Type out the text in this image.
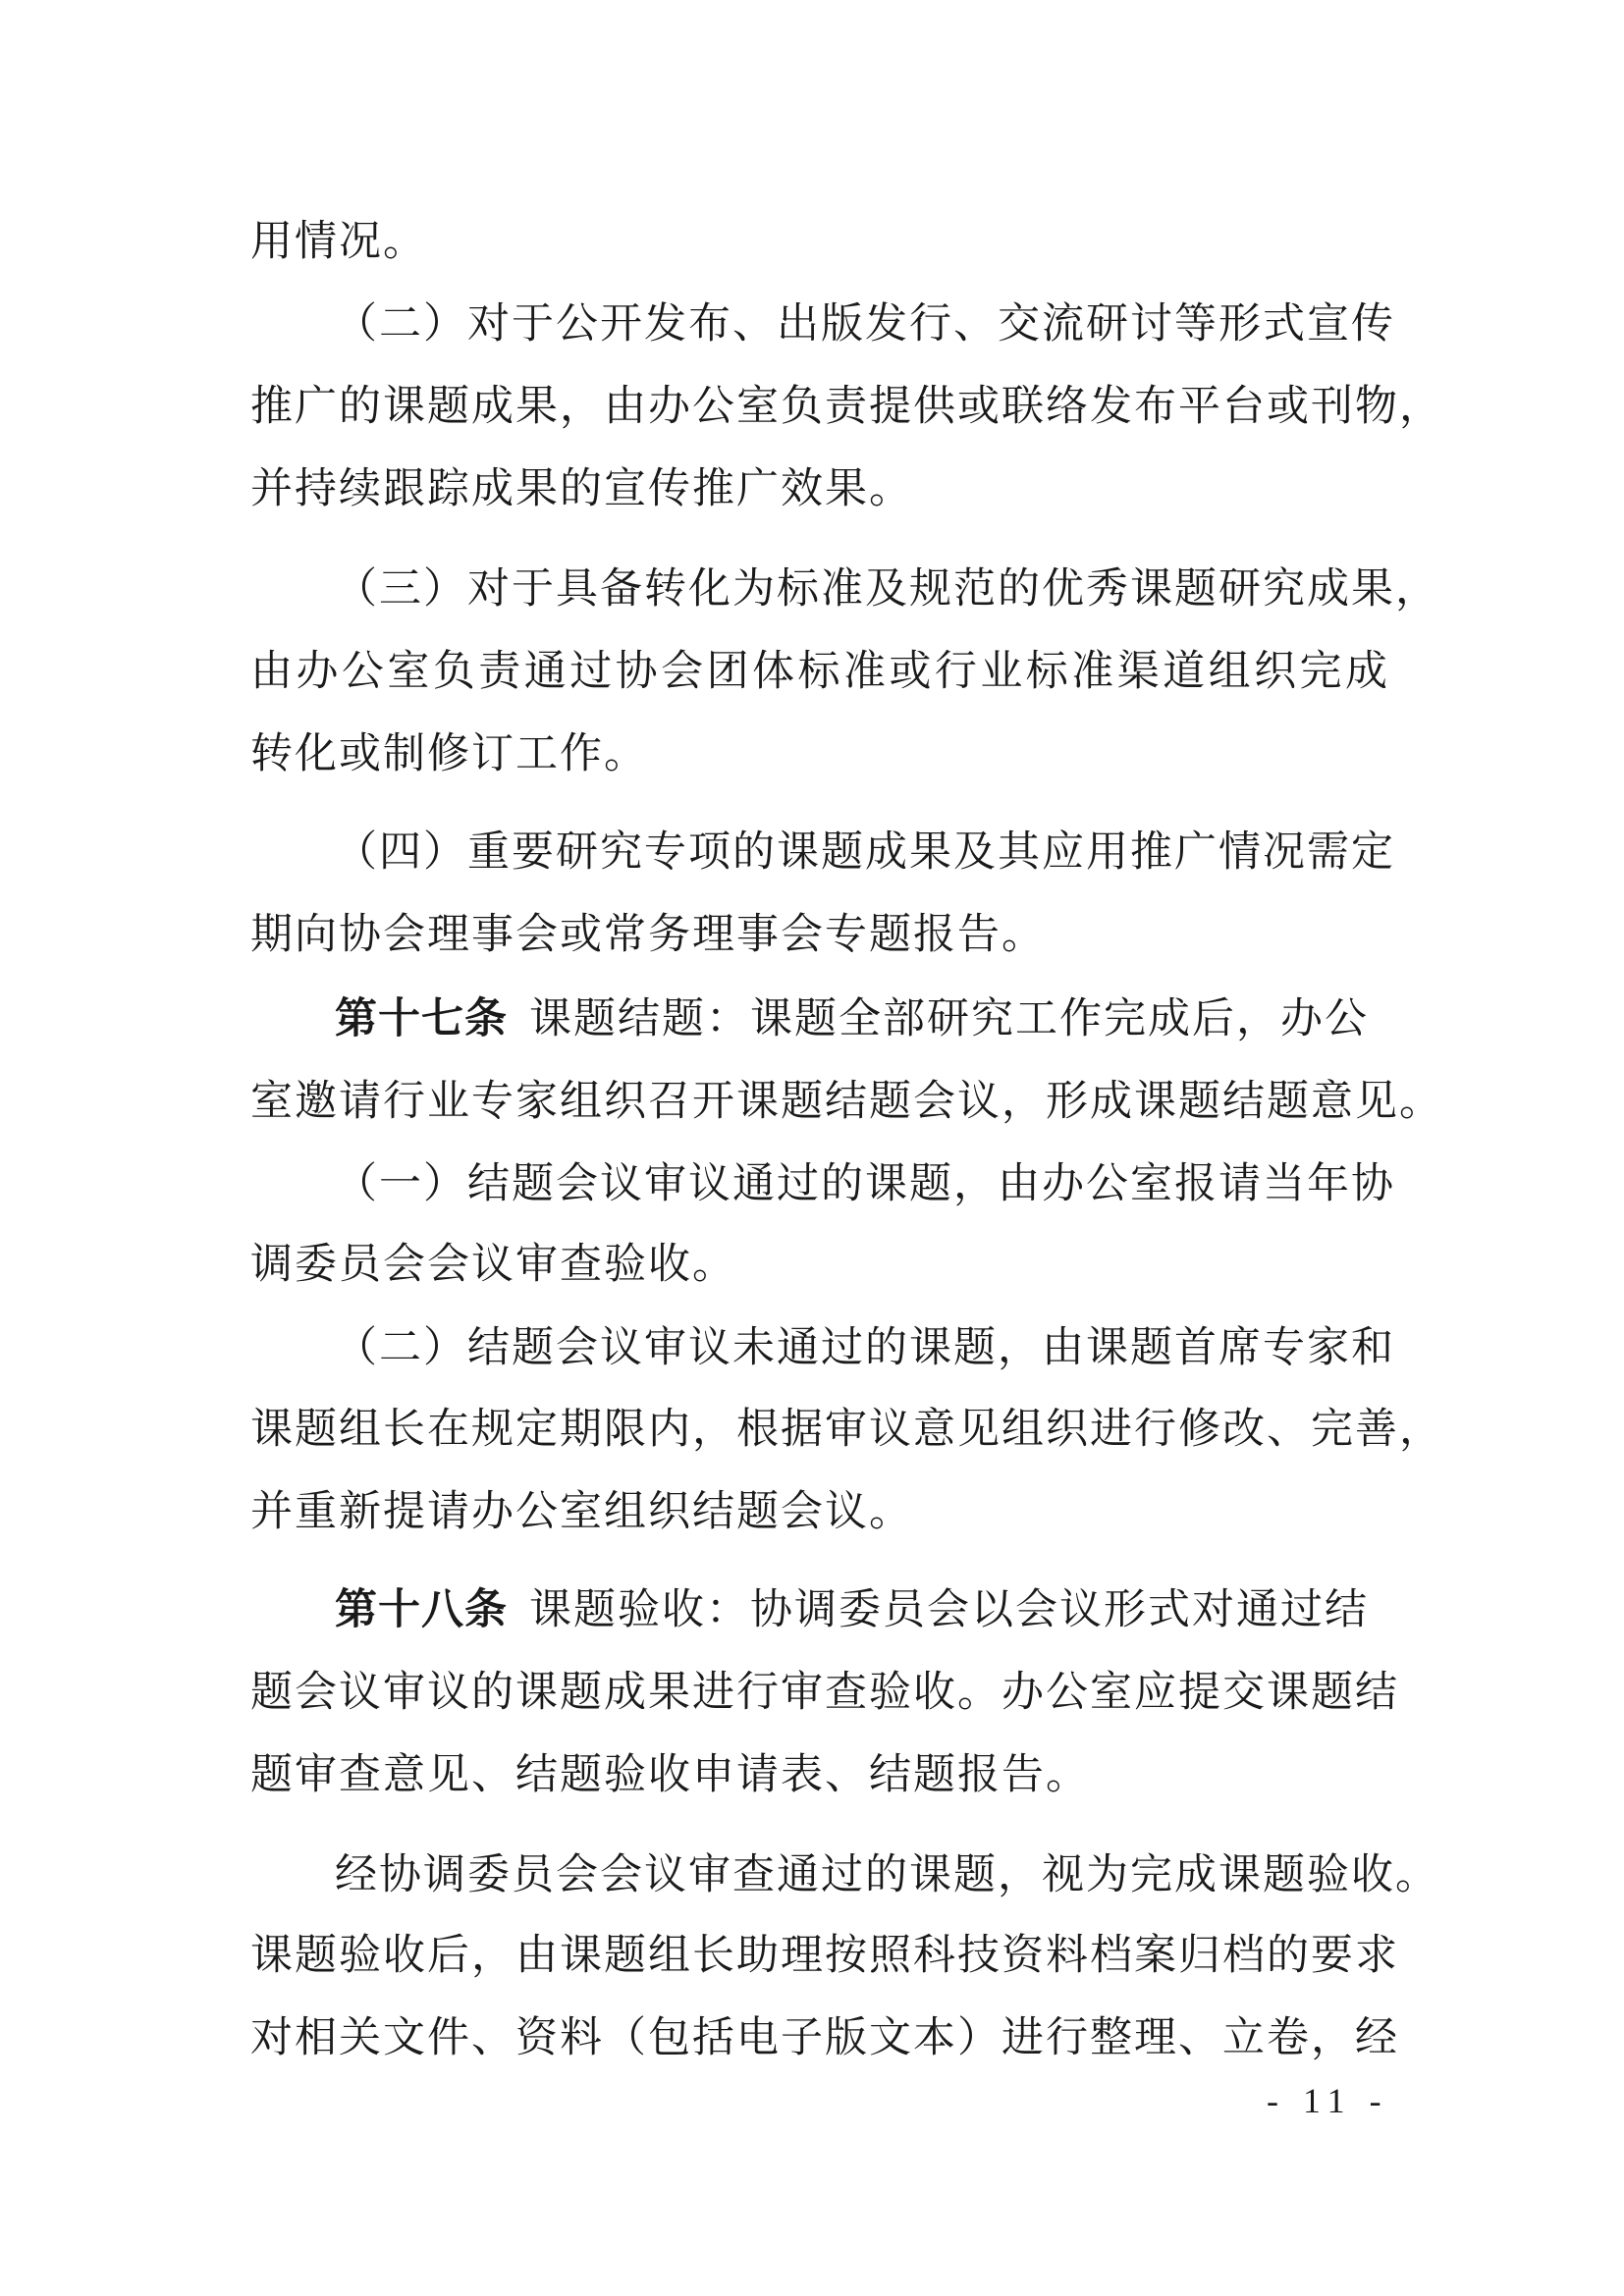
用情况。
（二）对于公开发布、出版发行、交流研讨等形式宣传
推广的课题成果，由办公室负责提供或联络发布平台或刊物，
并持续跟踪成果的宣传推广效果。
（三）对于具备转化为标准及规范的优秀课题研究成果，
由办公室负责通过协会团体标准或行业标准渠道组织完成
转化或制修订工作。
（四）重要研究专项的课题成果及其应用推广情况需定
期向协会理事会或常务理事会专题报告。
第十七条 课题结题：课题全部研究工作完成后，办公
室邀请行业专家组织召开课题结题会议，形成课题结题意见。
（一）结题会议审议通过的课题，由办公室报请当年协
调委员会会议审查验收。
（二）结题会议审议未通过的课题，由课题首席专家和
课题组长在规定期限内，根据审议意见组织进行修改、完善，
并重新提请办公室组织结题会议。
第十八条 课题验收：协调委员会以会议形式对通过结
题会议审议的课题成果进行审查验收。办公室应提交课题结
题审查意见、结题验收申请表、结题报告。
经协调委员会会议审查通过的课题，视为完成课题验收。
课题验收后，由课题组长助理按照科技资料档案归档的要求
对相关文件、资料（包括电子版文本）进行整理、立卷，经
- 11 -
